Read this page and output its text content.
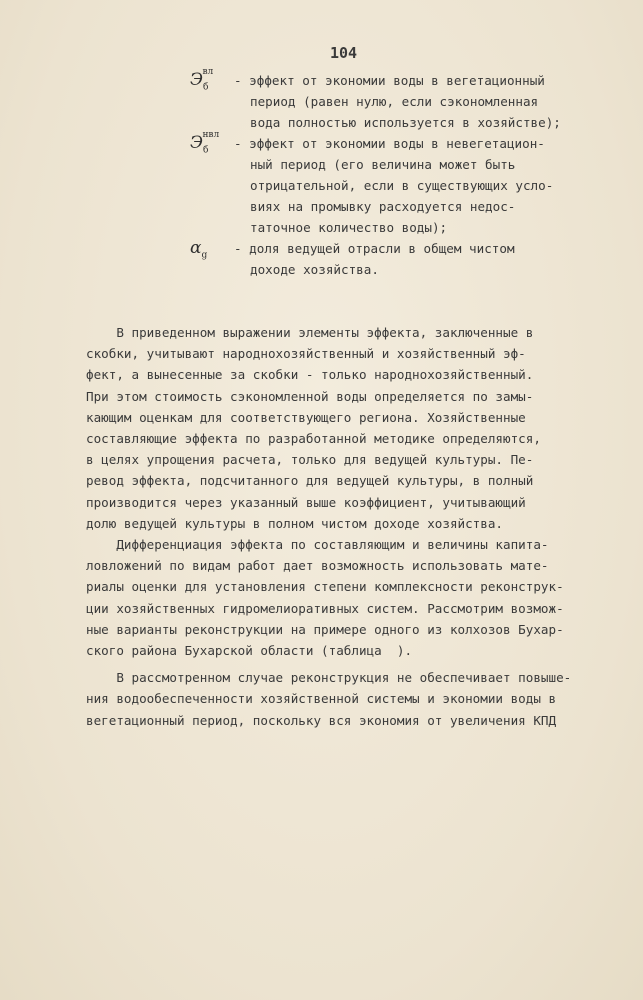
104
$Э_б^{вл}$
- эффект от экономии воды в вегетационный
период (равен нулю, если сэкономленная
вода полностью используется в хозяйстве);
$Э_б^{нвл}$
- эффект от экономии воды в невегетацион-
ный период (его величина может быть
отрицательной, если в существующих усло-
виях на промывку расходуется недос-
таточное количество воды);
$\alpha_g$	- доля ведущей отрасли в общем чистом
доходе хозяйства.
В приведенном выражении элементы эффекта, заключенные в
скобки, учитывают народнохозяйственный и хозяйственный эф-
фект, а вынесенные за скобки - только народнохозяйственный.
При этом стоимость сэкономленной воды определяется по замы-
кающим оценкам для соответствующего региона. Хозяйственные
составляющие эффекта по разработанной методике определяются,
в целях упрощения расчета, только для ведущей культуры. Пе-
ревод эффекта, подсчитанного для ведущей культуры, в полный
производится через указанный выше коэффициент, учитывающий
долю ведущей культуры в полном чистом доходе хозяйства.
Дифференциация эффекта по составляющим и величины капита-
ловложений по видам работ дает возможность использовать мате-
риалы оценки для установления степени комплексности реконструк-
ции хозяйственных гидромелиоративных систем. Рассмотрим возмож-
ные варианты реконструкции на примере одного из колхозов Бухар-
ского района Бухарской области (таблица  ).
В рассмотренном случае реконструкция не обеспечивает повыше-
ния водообеспеченности хозяйственной системы и экономии воды в
вегетационный период, поскольку вся экономия от увеличения КПД
